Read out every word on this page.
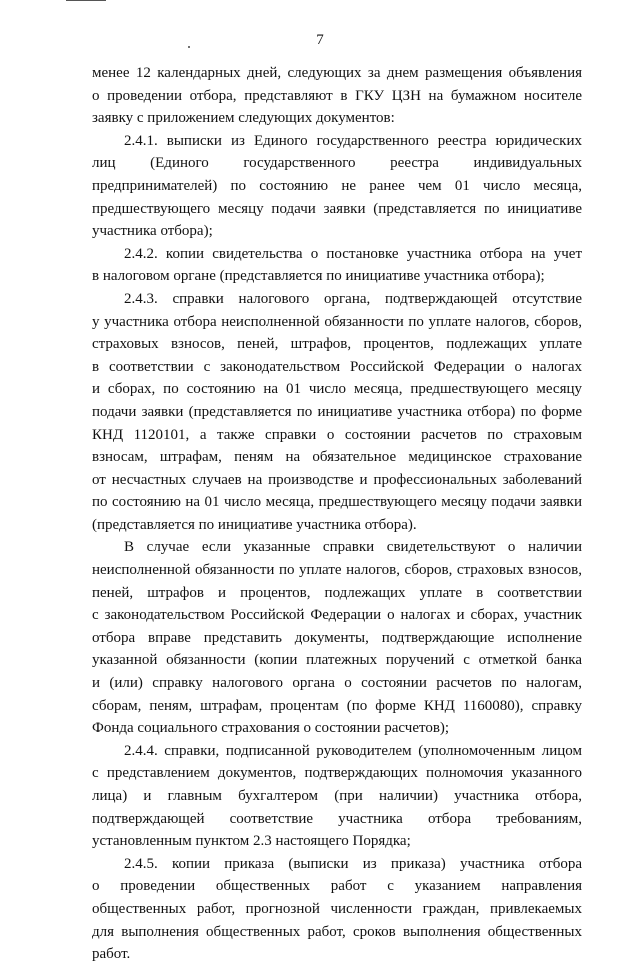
7
менее 12 календарных дней, следующих за днем размещения объявления
о проведении отбора, представляют в ГКУ ЦЗН на бумажном носителе
заявку с приложением следующих документов:
2.4.1. выписки из Единого государственного реестра юридических
лиц (Единого государственного реестра индивидуальных
предпринимателей) по состоянию не ранее чем 01 число месяца,
предшествующего месяцу подачи заявки (представляется по инициативе
участника отбора);
2.4.2. копии свидетельства о постановке участника отбора на учет
в налоговом органе (представляется по инициативе участника отбора);
2.4.3. справки налогового органа, подтверждающей отсутствие
у участника отбора неисполненной обязанности по уплате налогов, сборов,
страховых взносов, пеней, штрафов, процентов, подлежащих уплате
в соответствии с законодательством Российской Федерации о налогах
и сборах, по состоянию на 01 число месяца, предшествующего месяцу
подачи заявки (представляется по инициативе участника отбора) по форме
КНД 1120101, а также справки о состоянии расчетов по страховым
взносам, штрафам, пеням на обязательное медицинское страхование
от несчастных случаев на производстве и профессиональных заболеваний
по состоянию на 01 число месяца, предшествующего месяцу подачи заявки
(представляется по инициативе участника отбора).
В случае если указанные справки свидетельствуют о наличии
неисполненной обязанности по уплате налогов, сборов, страховых взносов,
пеней, штрафов и процентов, подлежащих уплате в соответствии
с законодательством Российской Федерации о налогах и сборах, участник
отбора вправе представить документы, подтверждающие исполнение
указанной обязанности (копии платежных поручений с отметкой банка
и (или) справку налогового органа о состоянии расчетов по налогам,
сборам, пеням, штрафам, процентам (по форме КНД 1160080), справку
Фонда социального страхования о состоянии расчетов);
2.4.4. справки, подписанной руководителем (уполномоченным лицом
с представлением документов, подтверждающих полномочия указанного
лица) и главным бухгалтером (при наличии) участника отбора,
подтверждающей соответствие участника отбора требованиям,
установленным пунктом 2.3 настоящего Порядка;
2.4.5. копии приказа (выписки из приказа) участника отбора
о проведении общественных работ с указанием направления
общественных работ, прогнозной численности граждан, привлекаемых
для выполнения общественных работ, сроков выполнения общественных
работ.
